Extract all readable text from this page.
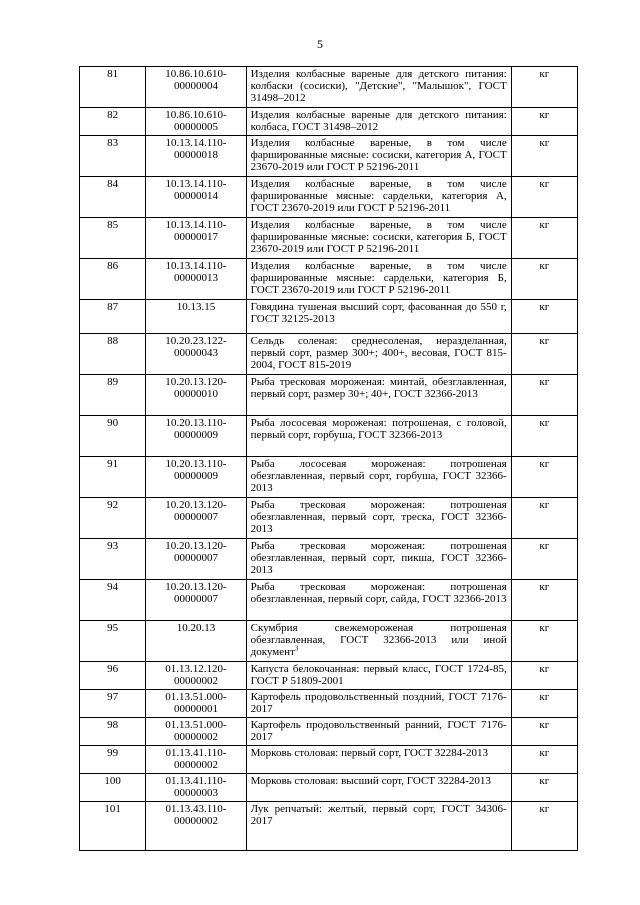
5
81	10.86.10.610-00000004	Изделия колбасные вареные для детского питания: колбаски (сосиски), "Детские", "Малышок", ГОСТ 31498–2012	кг
82	10.86.10.610-00000005	Изделия колбасные вареные для детского питания: колбаса, ГОСТ 31498–2012	кг
83	10.13.14.110-00000018	Изделия колбасные вареные, в том числе фаршированные мясные: сосиски, категория А, ГОСТ 23670-2019 или ГОСТ Р 52196-2011	кг
84	10.13.14.110-00000014	Изделия колбасные вареные, в том числе фаршированные мясные: сардельки, категория А, ГОСТ 23670-2019 или ГОСТ Р 52196-2011	кг
85	10.13.14.110-00000017	Изделия колбасные вареные, в том числе фаршированные мясные: сосиски, категория Б, ГОСТ 23670-2019 или ГОСТ Р 52196-2011	кг
86	10.13.14.110-00000013	Изделия колбасные вареные, в том числе фаршированные мясные: сардельки, категория Б, ГОСТ 23670-2019 или ГОСТ Р 52196-2011	кг
87	10.13.15	Говядина тушеная высший сорт, фасованная до 550 г, ГОСТ 32125-2013	кг
88	10.20.23.122-00000043	Сельдь соленая: среднесоленая, неразделанная, первый сорт, размер 300+; 400+, весовая, ГОСТ 815-2004, ГОСТ 815-2019	кг
89	10.20.13.120-00000010	Рыба тресковая мороженая: минтай, обезглавленная, первый сорт, размер 30+; 40+, ГОСТ 32366-2013	кг
90	10.20.13.110-00000009	Рыба лососевая мороженая: потрошеная, с головой, первый сорт, горбуша, ГОСТ 32366-2013	кг
91	10.20.13.110-00000009	Рыба лососевая мороженая: потрошеная обезглавленная, первый сорт, горбуша, ГОСТ 32366-2013	кг
92	10.20.13.120-00000007	Рыба тресковая мороженая: потрошеная обезглавленная, первый сорт, треска, ГОСТ 32366-2013	кг
93	10.20.13.120-00000007	Рыба тресковая мороженая: потрошеная обезглавленная, первый сорт, пикша, ГОСТ 32366-2013	кг
94	10.20.13.120-00000007	Рыба тресковая мороженая: потрошеная обезглавленная, первый сорт, сайда, ГОСТ 32366-2013	кг
95	10.20.13	Скумбрия свежемороженая потрошеная обезглавленная, ГОСТ 32366-2013 или иной документ$^3$	кг
96	01.13.12.120-00000002	Капуста белокочанная: первый класс, ГОСТ 1724-85, ГОСТ Р 51809-2001	кг
97	01.13.51.000-00000001	Картофель продовольственный поздний, ГОСТ 7176-2017	кг
98	01.13.51.000-00000002	Картофель продовольственный ранний, ГОСТ 7176-2017	кг
99	01.13.41.110-00000002	Морковь столовая: первый сорт, ГОСТ 32284-2013	кг
100	01.13.41.110-00000003	Морковь столовая: высший сорт, ГОСТ 32284-2013	кг
101	01.13.43.110-00000002	Лук репчатый: желтый, первый сорт, ГОСТ 34306-2017	кг
